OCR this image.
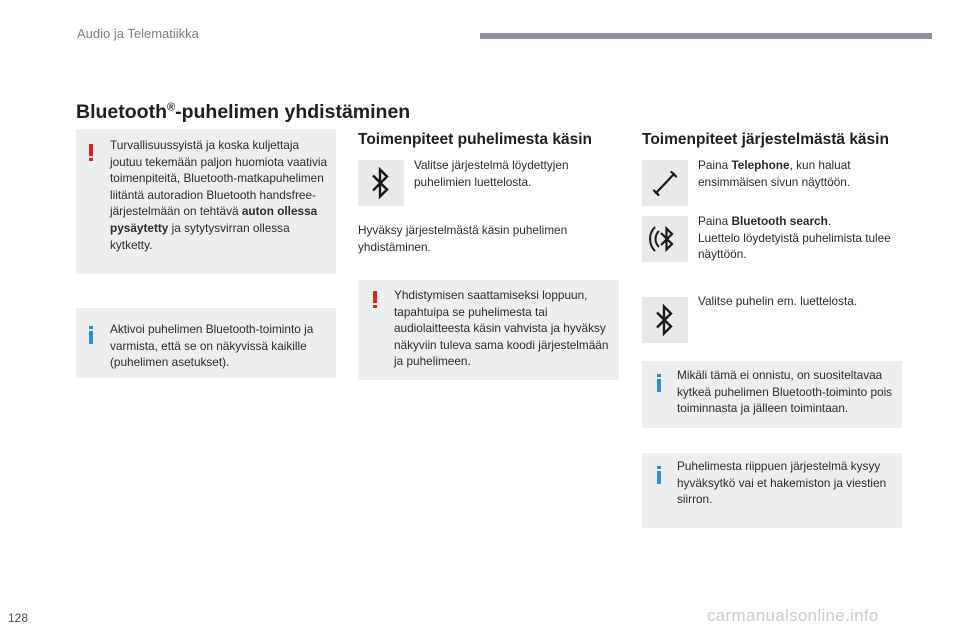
Audio ja Telematiikka
Bluetooth®-puhelimen yhdistäminen
Turvallisuussyistä ja koska kuljettaja joutuu tekemään paljon huomiota vaativia toimenpiteitä, Bluetooth-matkapuhelimen liitäntä autoradion Bluetooth handsfree-järjestelmään on tehtävä auton ollessa pysäytetty ja sytytysvirran ollessa kytketty.
Aktivoi puhelimen Bluetooth-toiminto ja varmista, että se on näkyvissä kaikille (puhelimen asetukset).
Toimenpiteet puhelimesta käsin
Valitse järjestelmä löydettyjen puhelimien luettelosta.
Hyväksy järjestelmästä käsin puhelimen yhdistäminen.
Yhdistymisen saattamiseksi loppuun, tapahtuipa se puhelimesta tai audiolaitteesta käsin vahvista ja hyväksy näkyviin tuleva sama koodi järjestelmään ja puhelimeen.
Toimenpiteet järjestelmästä käsin
Paina Telephone, kun haluat ensimmäisen sivun näyttöön.
Paina Bluetooth search.
Luettelo löydetyistä puhelimista tulee näyttöön.
Valitse puhelin em. luettelosta.
Mikäli tämä ei onnistu, on suositeltavaa kytkeä puhelimen Bluetooth-toiminto pois toiminnasta ja jälleen toimintaan.
Puhelimesta riippuen järjestelmä kysyy hyväksytkö vai et hakemiston ja viestien siirron.
128	carmanualsonline.info
